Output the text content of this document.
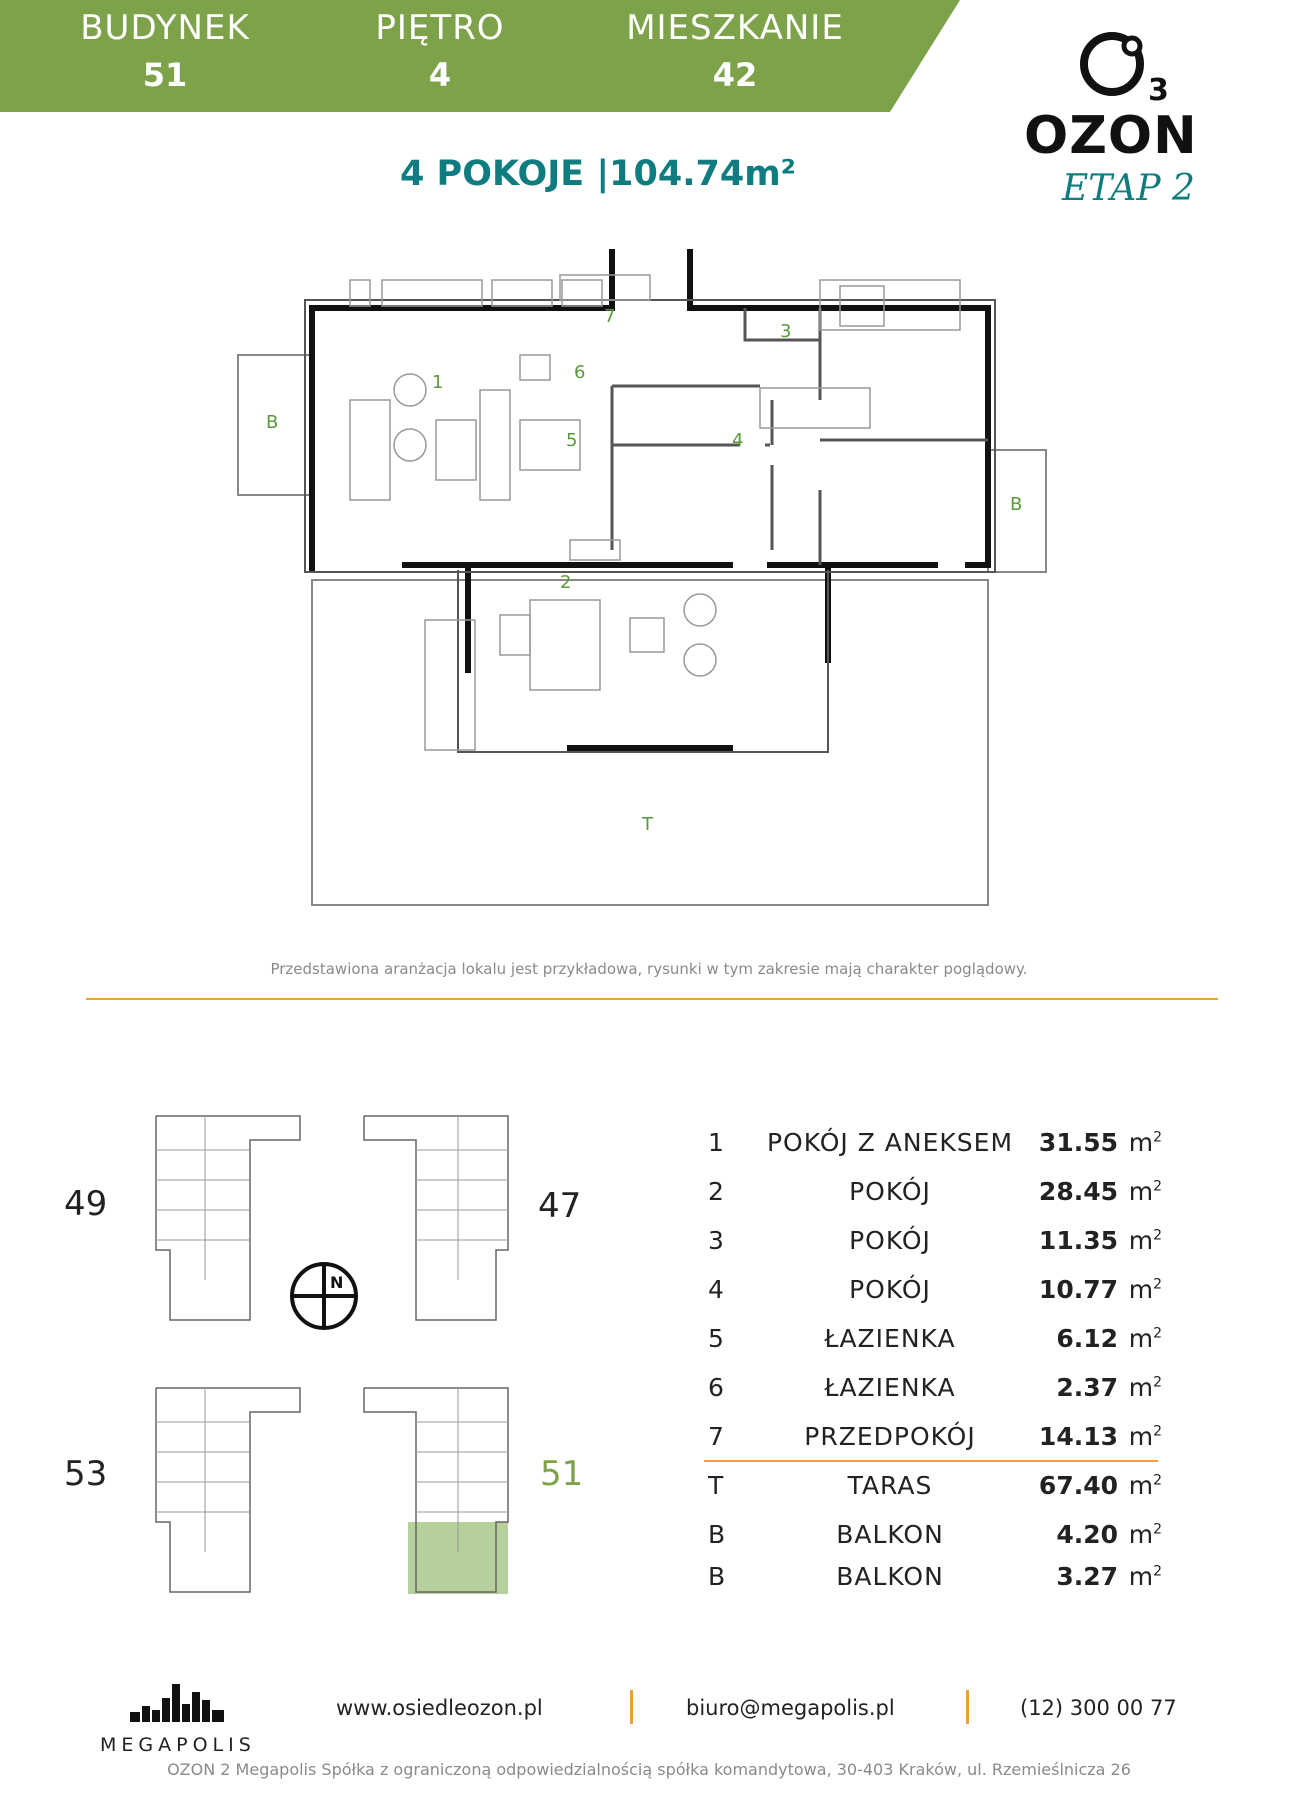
BUDYNEK
51
PIĘTRO
4
MIESZKANIE
42	3
OZON
ETAP 2
4 POKOJE |104.74m²
1
2
3
4
5
6
7
B
B
T
Przedstawiona aranżacja lokalu jest przykładowa, rysunki w tym zakresie mają charakter poglądowy.
N
49	47
53	51
1	POKÓJ Z ANEKSEM	31.55 $m^2$
2	POKÓJ	28.45 $m^2$
3	POKÓJ	11.35 $m^2$
4	POKÓJ	10.77 $m^2$
5	ŁAZIENKA	6.12 $m^2$
6	ŁAZIENKA	2.37 $m^2$
7	PRZEDPOKÓJ	14.13 $m^2$
T	TARAS	67.40 $m^2$
B	BALKON	4.20 $m^2$
B	BALKON	3.27 $m^2$
MEGAPOLIS
www.osiedleozon.pl	biuro@megapolis.pl	(12) 300 00 77
OZON 2 Megapolis Spółka z ograniczoną odpowiedzialnością spółka komandytowa, 30-403 Kraków, ul. Rzemieślnicza 26
